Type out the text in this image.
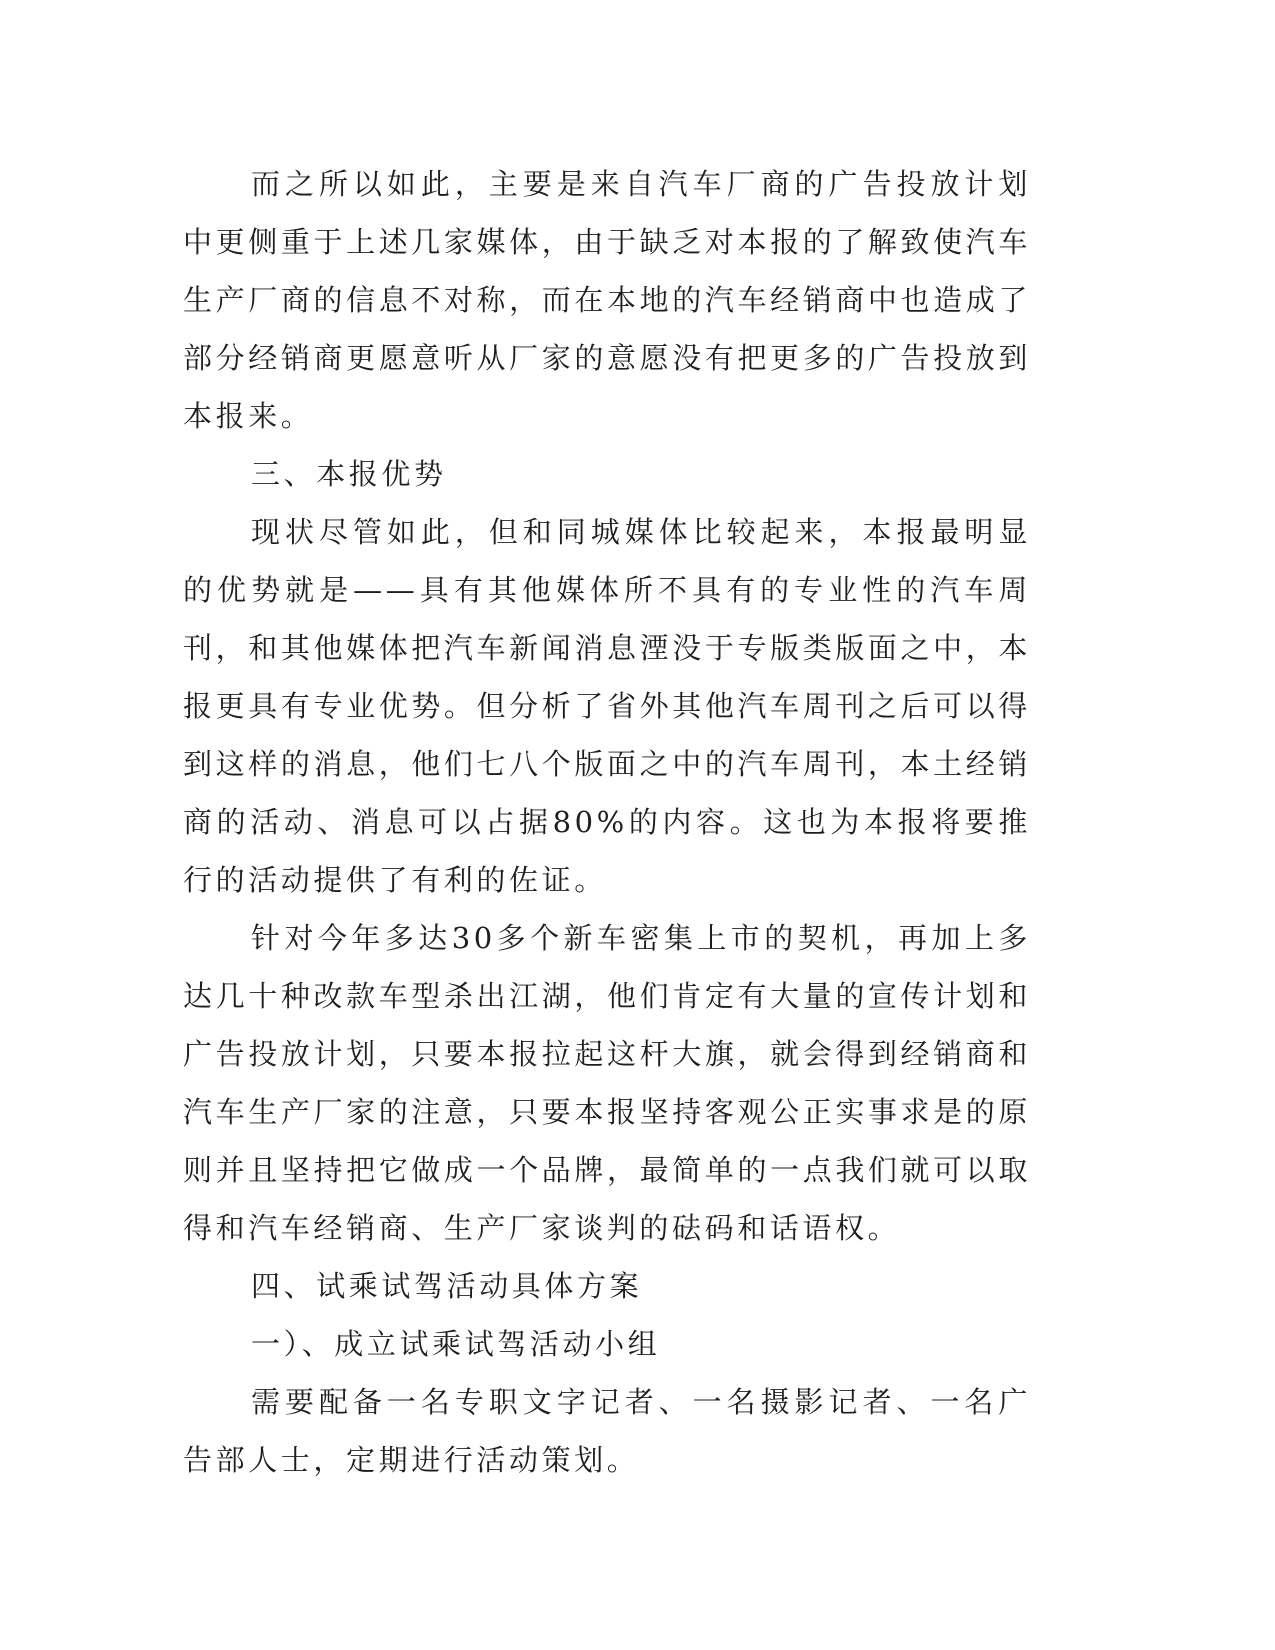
而之所以如此，主要是来自汽车厂商的广告投放计划中更侧重于上述几家媒体，由于缺乏对本报的了解致使汽车生产厂商的信息不对称，而在本地的汽车经销商中也造成了部分经销商更愿意听从厂家的意愿没有把更多的广告投放到本报来。

三、本报优势

现状尽管如此，但和同城媒体比较起来，本报最明显的优势就是——具有其他媒体所不具有的专业性的汽车周刊，和其他媒体把汽车新闻消息湮没于专版类版面之中，本报更具有专业优势。但分析了省外其他汽车周刊之后可以得到这样的消息，他们七八个版面之中的汽车周刊，本土经销商的活动、消息可以占据80%的内容。这也为本报将要推行的活动提供了有利的佐证。

针对今年多达30多个新车密集上市的契机，再加上多达几十种改款车型杀出江湖，他们肯定有大量的宣传计划和广告投放计划，只要本报拉起这杆大旗，就会得到经销商和汽车生产厂家的注意，只要本报坚持客观公正实事求是的原则并且坚持把它做成一个品牌，最简单的一点我们就可以取得和汽车经销商、生产厂家谈判的砝码和话语权。

四、试乘试驾活动具体方案

一）、成立试乘试驾活动小组

需要配备一名专职文字记者、一名摄影记者、一名广告部人士，定期进行活动策划。
